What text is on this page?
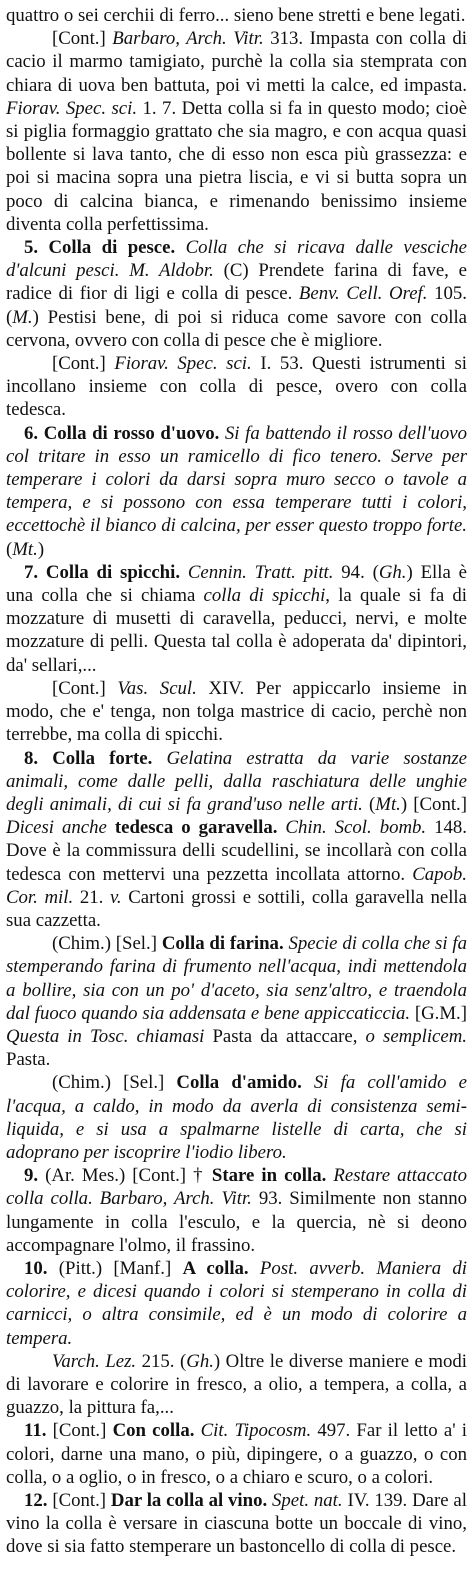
quattro o sei cerchii di ferro... sieno bene stretti e bene legati.

[Cont.] Barbaro, Arch. Vitr. 313. Impasta con colla di cacio il marmo tamigiato, purchè la colla sia stemprata con chiara di uova ben battuta, poi vi metti la calce, ed impasta. Fiorav. Spec. sci. 1. 7. Detta colla si fa in questo modo; cioè si piglia formaggio grattato che sia magro, e con acqua quasi bollente si lava tanto, che di esso non esca più grassezza: e poi si macina sopra una pietra liscia, e vi si butta sopra un poco di calcina bianca, e rimenando benissimo insieme diventa colla perfettissima.

5. Colla di pesce. Colla che si ricava dalle vesciche d'alcuni pesci. M. Aldobr. (C) Prendete farina di fave, e radice di fior di ligi e colla di pesce. Benv. Cell. Oref. 105. (M.) Pestisi bene, di poi si riduca come savore con colla cervona, ovvero con colla di pesce che è migliore.

[Cont.] Fiorav. Spec. sci. I. 53. Questi istrumenti si incollano insieme con colla di pesce, overo con colla tedesca.

6. Colla di rosso d'uovo. Si fa battendo il rosso dell'uovo col tritare in esso un ramicello di fico tenero. Serve per temperare i colori da darsi sopra muro secco o tavole a tempera, e si possono con essa temperare tutti i colori, eccettochè il bianco di calcina, per esser questo troppo forte. (Mt.)

7. Colla di spicchi. Cennin. Tratt. pitt. 94. (Gh.) Ella è una colla che si chiama colla di spicchi, la quale si fa di mozzature di musetti di caravella, peducci, nervi, e molte mozzature di pelli. Questa tal colla è adoperata da' dipintori, da' sellari,...

[Cont.] Vas. Scul. XIV. Per appiccarlo insieme in modo, che e' tenga, non tolga mastrice di cacio, perchè non terrebbe, ma colla di spicchi.

8. Colla forte. Gelatina estratta da varie sostanze animali, come dalle pelli, dalla raschiatura delle unghie degli animali, di cui si fa grand'uso nelle arti. (Mt.) [Cont.] Dicesi anche tedesca o garavella. Chin. Scol. bomb. 148. Dove è la commissura delli scudellini, se incollarà con colla tedesca con mettervi una pezzetta incollata attorno. Capob. Cor. mil. 21. v. Cartoni grossi e sottili, colla garavella nella sua cazzetta.

(Chim.) [Sel.] Colla di farina. Specie di colla che si fa stemperando farina di frumento nell'acqua, indi mettendola a bollire, sia con un po' d'aceto, sia senz'altro, e traendola dal fuoco quando sia addensata e bene appiccaticcia. [G.M.] Questa in Tosc. chiamasi Pasta da attaccare, o semplicem. Pasta.

(Chim.) [Sel.] Colla d'amido. Si fa coll'amido e l'acqua, a caldo, in modo da averla di consistenza semi-liquida, e si usa a spalmarne listelle di carta, che si adoprano per iscoprire l'iodio libero.

9. (Ar. Mes.) [Cont.] † Stare in colla. Restare attaccato colla colla. Barbaro, Arch. Vitr. 93. Similmente non stanno lungamente in colla l'esculo, e la quercia, nè si deono accompagnare l'olmo, il frassino.

10. (Pitt.) [Manf.] A colla. Post. avverb. Maniera di colorire, e dicesi quando i colori si stemperano in colla di carnicci, o altra consimile, ed è un modo di colorire a tempera.

Varch. Lez. 215. (Gh.) Oltre le diverse maniere e modi di lavorare e colorire in fresco, a olio, a tempera, a colla, a guazzo, la pittura fa,...

11. [Cont.] Con colla. Cit. Tipocosm. 497. Far il letto a' i colori, darne una mano, o più, dipingere, o a guazzo, o con colla, o a oglio, o in fresco, o a chiaro e scuro, o a colori.

12. [Cont.] Dar la colla al vino. Spet. nat. IV. 139. Dare al vino la colla è versare in ciascuna botte un boccale di vino, dove si sia fatto stemperare un bastoncello di colla di pesce.
